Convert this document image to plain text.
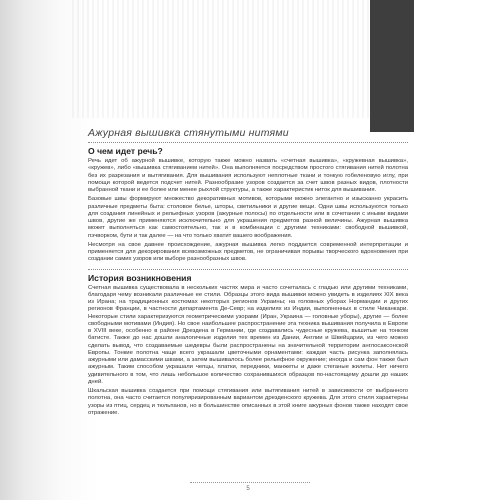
Вступление
Ажурная вышивка стянутыми нитями
О чем идет речь?

Речь идет об ажурной вышивке, которую также можно назвать «счетная вышивка», «кружевная вышивка», «кружев», либо «вышивка стягиванием нитей». Она выполняется посредством простого стягивания нитей полотна без их разрезания и вытягивания. Для вышивания используют неплотные ткани и тонкую гобеленовую иглу, при помощи которой ведется подсчет нитей. Разнообразие узоров создается за счет швов разных видов, плотности выбранной ткани и ее более или менее рыхлой структуры, а также характеристик ниток для вышивания.

Базовые швы формируют множество декоративных мотивов, которыми можно элегантно и изысканно украсить различные предметы быта: столовое белье, шторы, светильники и другие вещи. Одни швы используются только для создания линейных и рельефных узоров (ажурные полосы) по отдельности или в сочетании с иными видами швов, другие же применяются исключительно для украшения предметов разной величины. Ажурная вышивка может выполняться как самостоятельно, так и в комбинации с другими техниками: свободной вышивкой, пэчворком, бути и так далее — на что только хватит вашего воображения.

Несмотря на свое давнее происхождение, ажурная вышивка легко поддается современной интерпретации и применяется для декорирования всевозможных предметов, не ограничивая порывы творческого вдохновения при создании самих узоров или выборе разнообразных швов.

История возникновения

Счетная вышивка существовала в нескольких частях мира и часто сочеталась с гладью или другими техниками, благодаря чему возникали различные ее стили. Образцы этого вида вышивки можно увидеть в изделиях XIX века из Ирана; на традиционных костюмах некоторых регионов Украины; на головных уборах Нормандии и других регионов Франции, в частности департамента Де-Севр; на изделиях из Индии, выполненных в стиле Чиканкари. Некоторые стили характеризуются геометрическими узорами (Иран, Украина — головные уборы), другие — более свободными мотивами (Индия). Но свое наибольшее распространение эта техника вышивания получила в Европе в XVIII веке, особенно в районе Дрездена в Германии, где создавались чудесные кружева, вышитые на тонком батисте. Также до нас дошли аналогичные изделия тех времен из Дании, Англии и Швейцарии, из чего можно сделать вывод, что создаваемые шедевры были распространены на значительной территории англосаксонской Европы. Тонкие полотна чаще всего украшали цветочными орнаментами: каждая часть рисунка заполнялась ажурными или дамасскими швами, а затем вышивалось более рельефное окружение; иногда и сам фон также был ажурным. Таким способом украшали чепцы, платки, передники, манжеты и даже стеганые жилеты. Нет ничего удивительного в том, что лишь небольшое количество сохранившихся образцов по-настоящему дошли до наших дней.

Шкальская вышивка создается при помощи стягивания или вытягивания нитей в зависимости от выбранного полотна, она часто считается популяризированным вариантом дрезденского кружева. Для этого стиля характерны узоры из птиц, сердец и тюльпанов, но в большинстве описанных в этой книге ажурных фонов также находят свое отражение.

5
